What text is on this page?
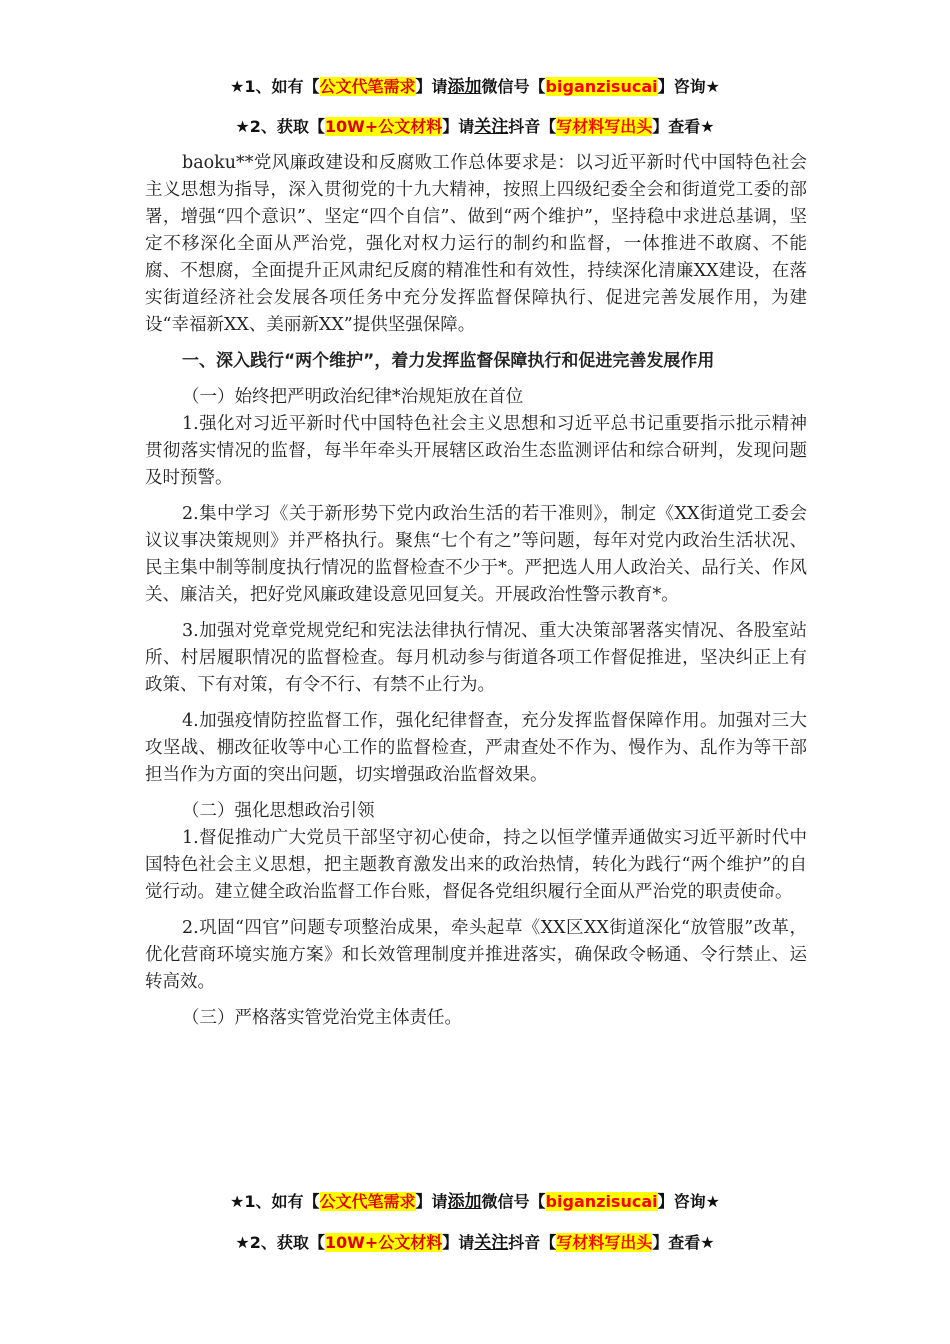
★1、如有【公文代笔需求】请添加微信号【biganzisucai】咨询★
★2、获取【10W+公文材料】请关注抖音【写材料写出头】查看★

baoku**党风廉政建设和反腐败工作总体要求是：以习近平新时代中国特色社会主义思想为指导，深入贯彻党的十九大精神，按照上四级纪委全会和街道党工委的部署，增强“四个意识”、坚定“四个自信”、做到“两个维护”，坚持稳中求进总基调，坚定不移深化全面从严治党，强化对权力运行的制约和监督，一体推进不敢腐、不能腐、不想腐，全面提升正风肃纪反腐的精准性和有效性，持续深化清廉XX建设，在落实街道经济社会发展各项任务中充分发挥监督保障执行、促进完善发展作用，为建设“幸福新XX、美丽新XX”提供坚强保障。

一、深入践行“两个维护”，着力发挥监督保障执行和促进完善发展作用

（一）始终把严明政治纪律*治规矩放在首位

1.强化对习近平新时代中国特色社会主义思想和习近平总书记重要指示批示精神贯彻落实情况的监督，每半年牵头开展辖区政治生态监测评估和综合研判，发现问题及时预警。

2.集中学习《关于新形势下党内政治生活的若干准则》，制定《XX街道党工委会议议事决策规则》并严格执行。聚焦“七个有之”等问题，每年对党内政治生活状况、民主集中制等制度执行情况的监督检查不少于*。严把选人用人政治关、品行关、作风关、廉洁关，把好党风廉政建设意见回复关。开展政治性警示教育*。

3.加强对党章党规党纪和宪法法律执行情况、重大决策部署落实情况、各股室站所、村居履职情况的监督检查。每月机动参与街道各项工作督促推进，坚决纠正上有政策、下有对策，有令不行、有禁不止行为。

4.加强疫情防控监督工作，强化纪律督查，充分发挥监督保障作用。加强对三大攻坚战、棚改征收等中心工作的监督检查，严肃查处不作为、慢作为、乱作为等干部担当作为方面的突出问题，切实增强政治监督效果。

（二）强化思想政治引领

1.督促推动广大党员干部坚守初心使命，持之以恒学懂弄通做实习近平新时代中国特色社会主义思想，把主题教育激发出来的政治热情，转化为践行“两个维护”的自觉行动。建立健全政治监督工作台账，督促各党组织履行全面从严治党的职责使命。

2.巩固“四官”问题专项整治成果，牵头起草《XX区XX街道深化“放管服”改革，优化营商环境实施方案》和长效管理制度并推进落实，确保政令畅通、令行禁止、运转高效。

（三）严格落实管党治党主体责任。

★1、如有【公文代笔需求】请添加微信号【biganzisucai】咨询★
★2、获取【10W+公文材料】请关注抖音【写材料写出头】查看★
